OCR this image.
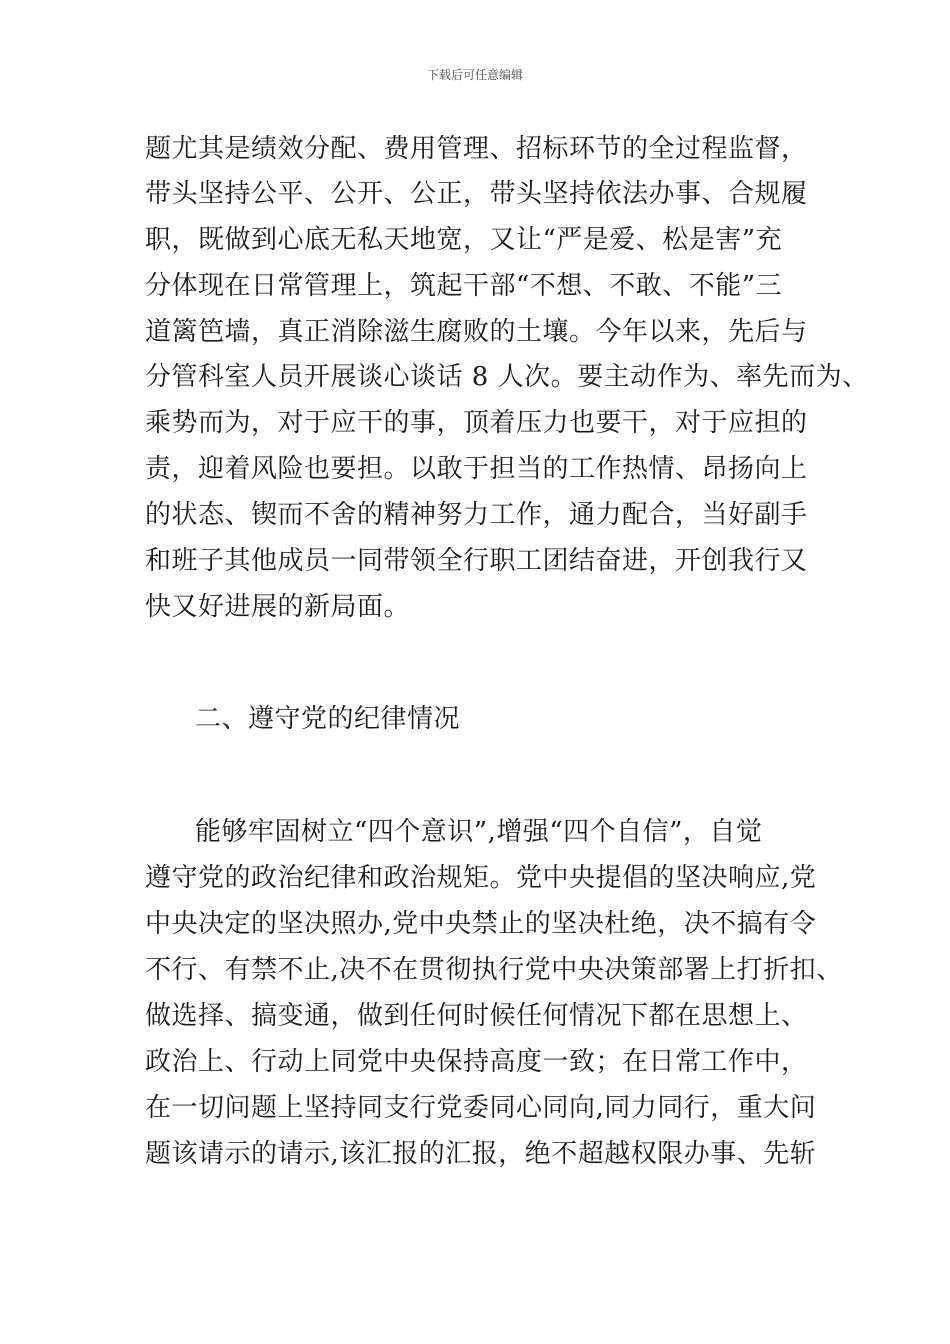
下载后可任意编辑
题尤其是绩效分配、费用管理、招标环节的全过程监督，
带头坚持公平、公开、公正，带头坚持依法办事、合规履
职，既做到心底无私天地宽，又让“严是爱、松是害”充
分体现在日常管理上，筑起干部“不想、不敢、不能”三
道篱笆墙，真正消除滋生腐败的土壤。今年以来，先后与
分管科室人员开展谈心谈话 8 人次。要主动作为、率先而为、
乘势而为，对于应干的事，顶着压力也要干，对于应担的
责，迎着风险也要担。以敢于担当的工作热情、昂扬向上
的状态、锲而不舍的精神努力工作，通力配合，当好副手
和班子其他成员一同带领全行职工团结奋进，开创我行又
快又好进展的新局面。
二、遵守党的纪律情况
能够牢固树立“四个意识”,增强“四个自信”，自觉
遵守党的政治纪律和政治规矩。党中央提倡的坚决响应,党
中央决定的坚决照办,党中央禁止的坚决杜绝，决不搞有令
不行、有禁不止,决不在贯彻执行党中央决策部署上打折扣、
做选择、搞变通，做到任何时候任何情况下都在思想上、
政治上、行动上同党中央保持高度一致；在日常工作中，
在一切问题上坚持同支行党委同心同向,同力同行，重大问
题该请示的请示,该汇报的汇报，绝不超越权限办事、先斩
